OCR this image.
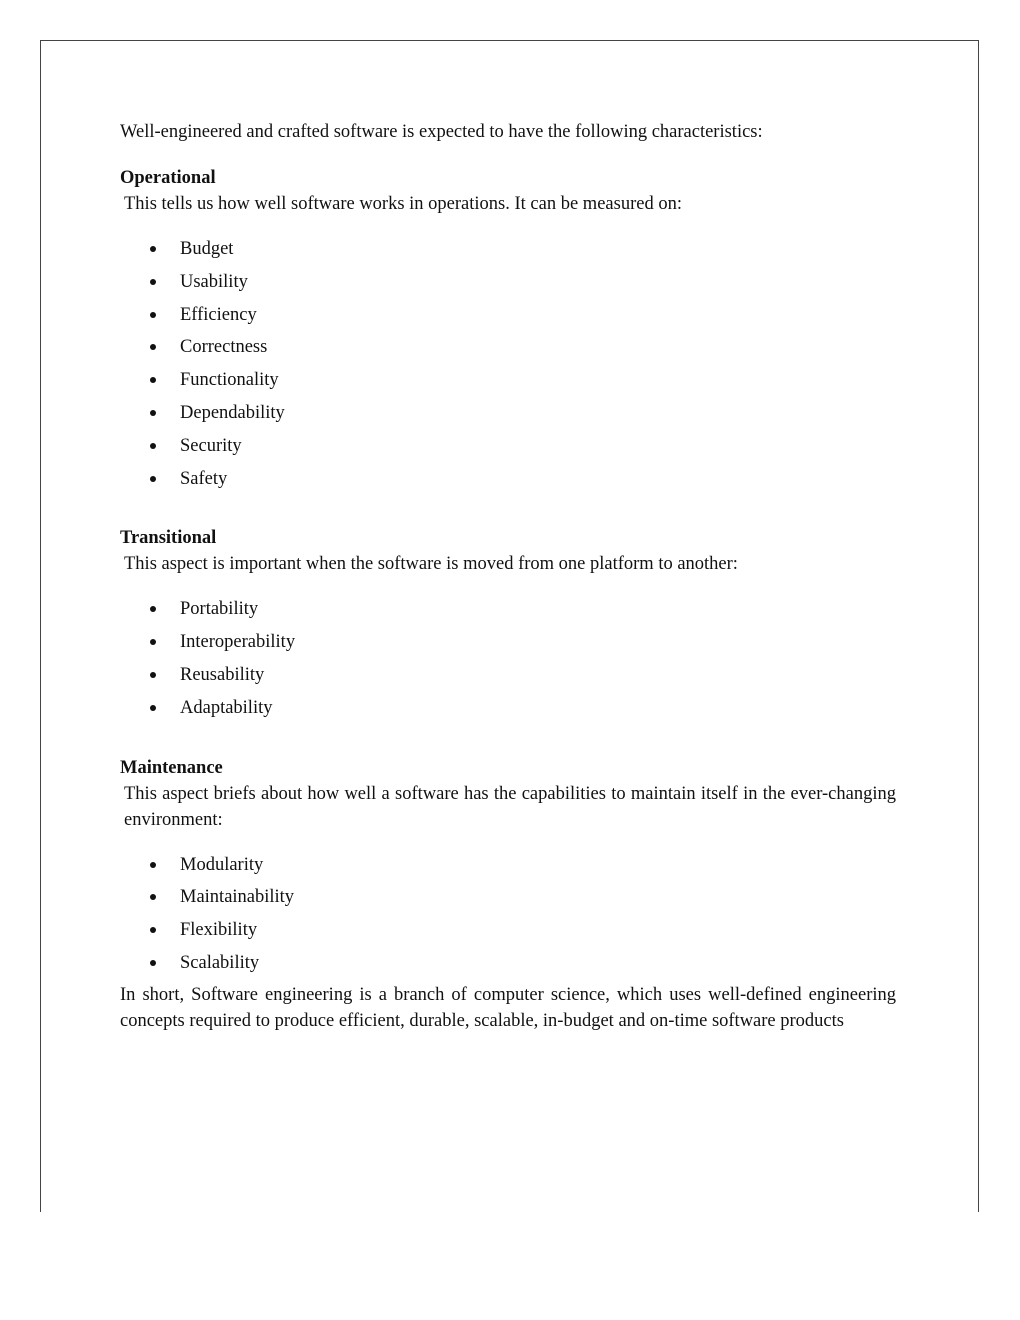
Well-engineered and crafted software is expected to have the following characteristics:

Operational

This tells us how well software works in operations. It can be measured on:

Budget
Usability
Efficiency
Correctness
Functionality
Dependability
Security
Safety

Transitional

This aspect is important when the software is moved from one platform to another:

Portability
Interoperability
Reusability
Adaptability

Maintenance

This aspect briefs about how well a software has the capabilities to maintain itself in the ever-changing environment:

Modularity
Maintainability
Flexibility
Scalability

In short, Software engineering is a branch of computer science, which uses well-defined engineering concepts required to produce efficient, durable, scalable, in-budget and on-time software products
